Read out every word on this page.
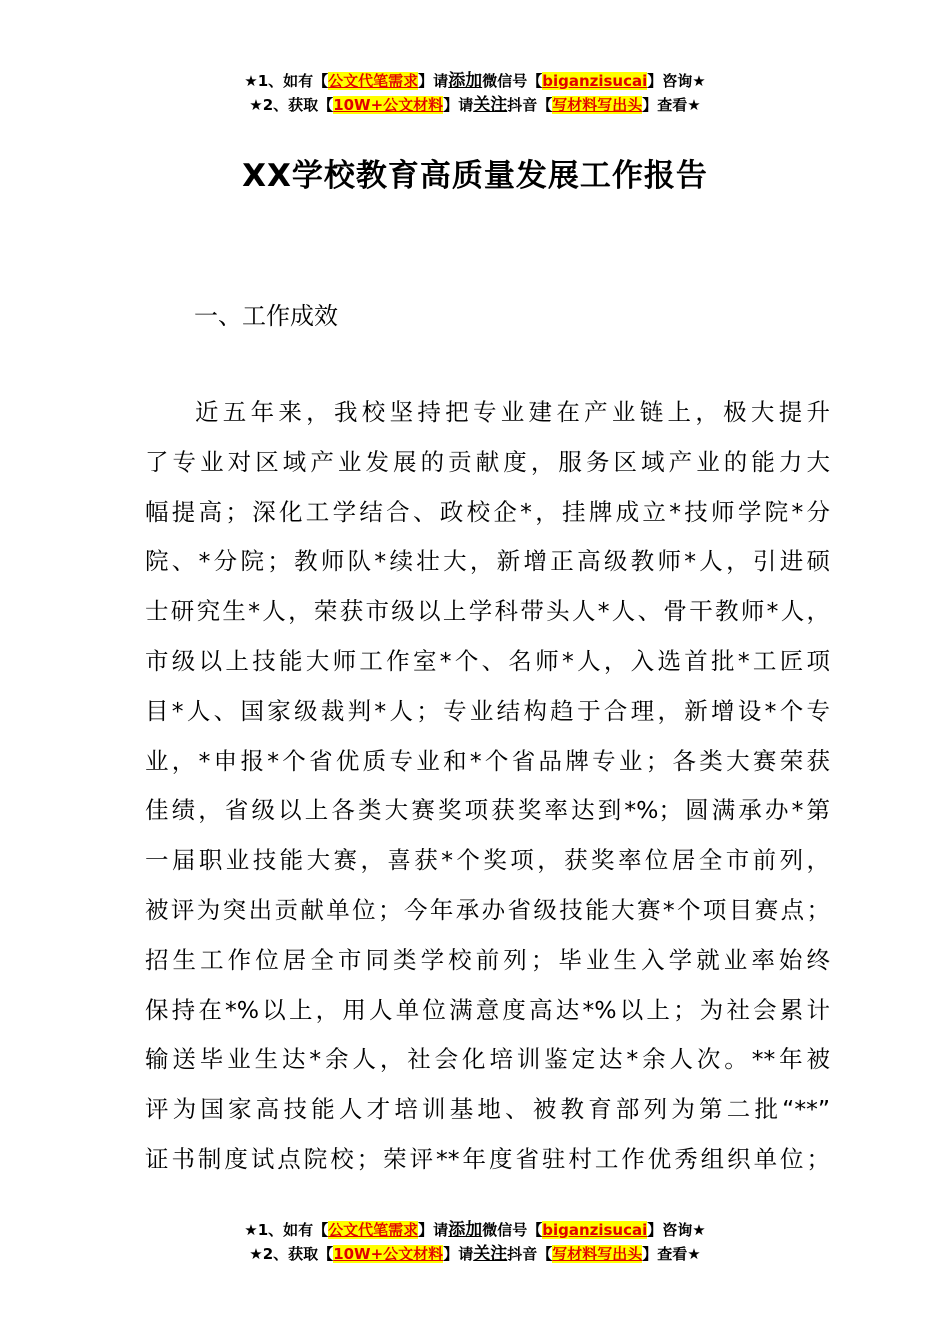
★1、如有【公文代笔需求】请添加微信号【biganzisucai】咨询★
★2、获取【10W+公文材料】请关注抖音【写材料写出头】查看★
XX学校教育高质量发展工作报告
一、工作成效
近五年来，我校坚持把专业建在产业链上，极大提升
了专业对区域产业发展的贡献度，服务区域产业的能力大
幅提高；深化工学结合、政校企*，挂牌成立*技师学院*分
院、*分院；教师队*续壮大，新增正高级教师*人，引进硕
士研究生*人，荣获市级以上学科带头人*人、骨干教师*人，
市级以上技能大师工作室*个、名师*人，入选首批*工匠项
目*人、国家级裁判*人；专业结构趋于合理，新增设*个专
业，*申报*个省优质专业和*个省品牌专业；各类大赛荣获
佳绩，省级以上各类大赛奖项获奖率达到*%；圆满承办*第
一届职业技能大赛，喜获*个奖项，获奖率位居全市前列，
被评为突出贡献单位；今年承办省级技能大赛*个项目赛点；
招生工作位居全市同类学校前列；毕业生入学就业率始终
保持在*%以上，用人单位满意度高达*%以上；为社会累计
输送毕业生达*余人，社会化培训鉴定达*余人次。**年被
评为国家高技能人才培训基地、被教育部列为第二批“**”
证书制度试点院校；荣评**年度省驻村工作优秀组织单位；
★1、如有【公文代笔需求】请添加微信号【biganzisucai】咨询★
★2、获取【10W+公文材料】请关注抖音【写材料写出头】查看★
